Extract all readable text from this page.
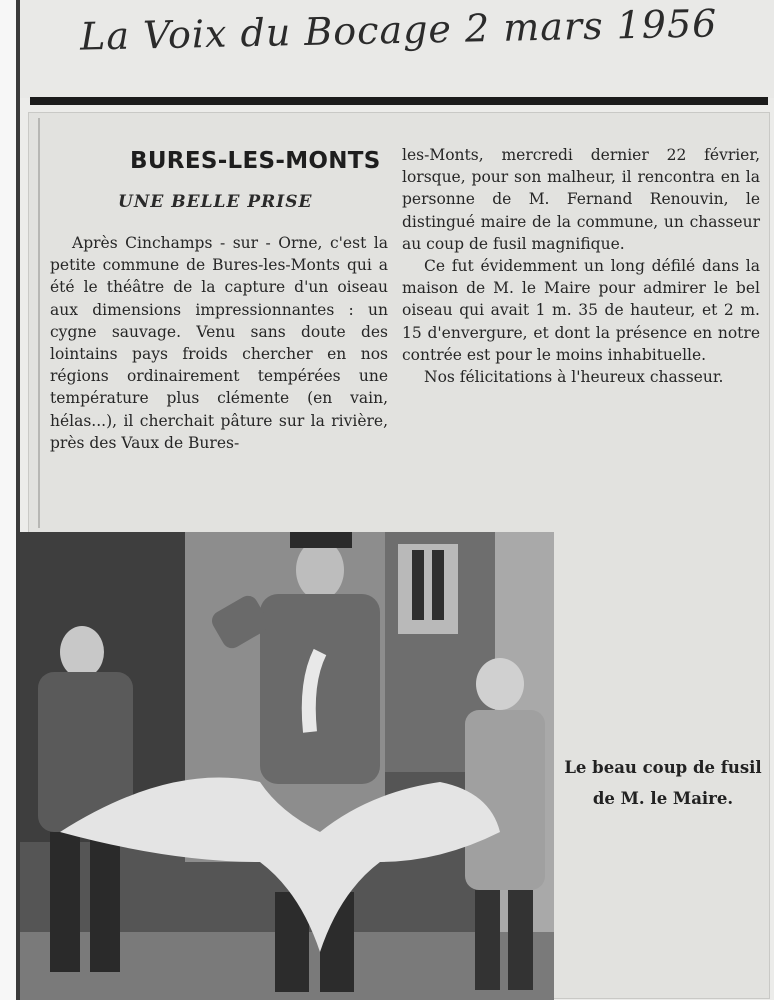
La Voix du Bocage 2 mars 1956
BURES-LES-MONTS
UNE BELLE PRISE

Après Cinchamps - sur - Orne, c'est la petite commune de Bures-les-Monts qui a été le théâtre de la capture d'un oiseau aux dimensions impressionnantes : un cygne sauvage. Venu sans doute des lointains pays froids chercher en nos régions ordinairement tempérées une température plus clémente (en vain, hélas...), il cherchait pâture sur la rivière, près des Vaux de Bures-

les-Monts, mercredi dernier 22 février, lorsque, pour son malheur, il rencontra en la personne de M. Fernand Renouvin, le distingué maire de la commune, un chasseur au coup de fusil magnifique.

Ce fut évidemment un long défilé dans la maison de M. le Maire pour admirer le bel oiseau qui avait 1 m. 35 de hauteur, et 2 m. 15 d'envergure, et dont la présence en notre contrée est pour le moins inhabituelle.

Nos félicitations à l'heureux chasseur.

Le beau coup de fusil de M. le Maire.
